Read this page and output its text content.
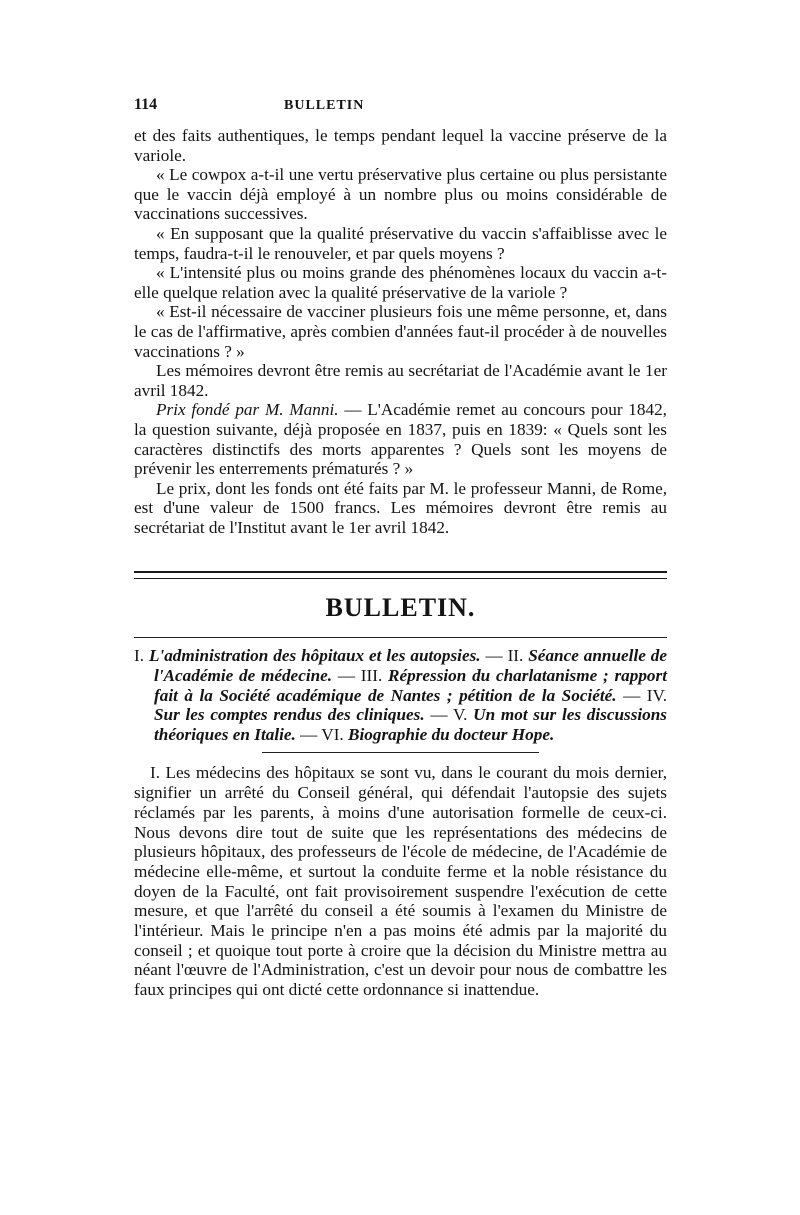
114	BULLETIN

et des faits authentiques, le temps pendant lequel la vaccine préserve de la variole.

« Le cowpox a-t-il une vertu préservative plus certaine ou plus persistante que le vaccin déjà employé à un nombre plus ou moins considérable de vaccinations successives.

« En supposant que la qualité préservative du vaccin s'affaiblisse avec le temps, faudra-t-il le renouveler, et par quels moyens ?

« L'intensité plus ou moins grande des phénomènes locaux du vaccin a-t-elle quelque relation avec la qualité préservative de la variole ?

« Est-il nécessaire de vacciner plusieurs fois une même personne, et, dans le cas de l'affirmative, après combien d'années faut-il procéder à de nouvelles vaccinations ? »

Les mémoires devront être remis au secrétariat de l'Académie avant le 1er avril 1842.

Prix fondé par M. Manni. — L'Académie remet au concours pour 1842, la question suivante, déjà proposée en 1837, puis en 1839: « Quels sont les caractères distinctifs des morts apparentes ? Quels sont les moyens de prévenir les enterrements prématurés ? »

Le prix, dont les fonds ont été faits par M. le professeur Manni, de Rome, est d'une valeur de 1500 francs. Les mémoires devront être remis au secrétariat de l'Institut avant le 1er avril 1842.

BULLETIN.

I. L'administration des hôpitaux et les autopsies. — II. Séance annuelle de l'Académie de médecine. — III. Répression du charlatanisme ; rapport fait à la Société académique de Nantes ; pétition de la Société. — IV. Sur les comptes rendus des cliniques. — V. Un mot sur les discussions théoriques en Italie. — VI. Biographie du docteur Hope.

I. Les médecins des hôpitaux se sont vu, dans le courant du mois dernier, signifier un arrêté du Conseil général, qui défendait l'autopsie des sujets réclamés par les parents, à moins d'une autorisation formelle de ceux-ci. Nous devons dire tout de suite que les représentations des médecins de plusieurs hôpitaux, des professeurs de l'école de médecine, de l'Académie de médecine elle-même, et surtout la conduite ferme et la noble résistance du doyen de la Faculté, ont fait provisoirement suspendre l'exécution de cette mesure, et que l'arrêté du conseil a été soumis à l'examen du Ministre de l'intérieur. Mais le principe n'en a pas moins été admis par la majorité du conseil ; et quoique tout porte à croire que la décision du Ministre mettra au néant l'œuvre de l'Administration, c'est un devoir pour nous de combattre les faux principes qui ont dicté cette ordonnance si inattendue.
